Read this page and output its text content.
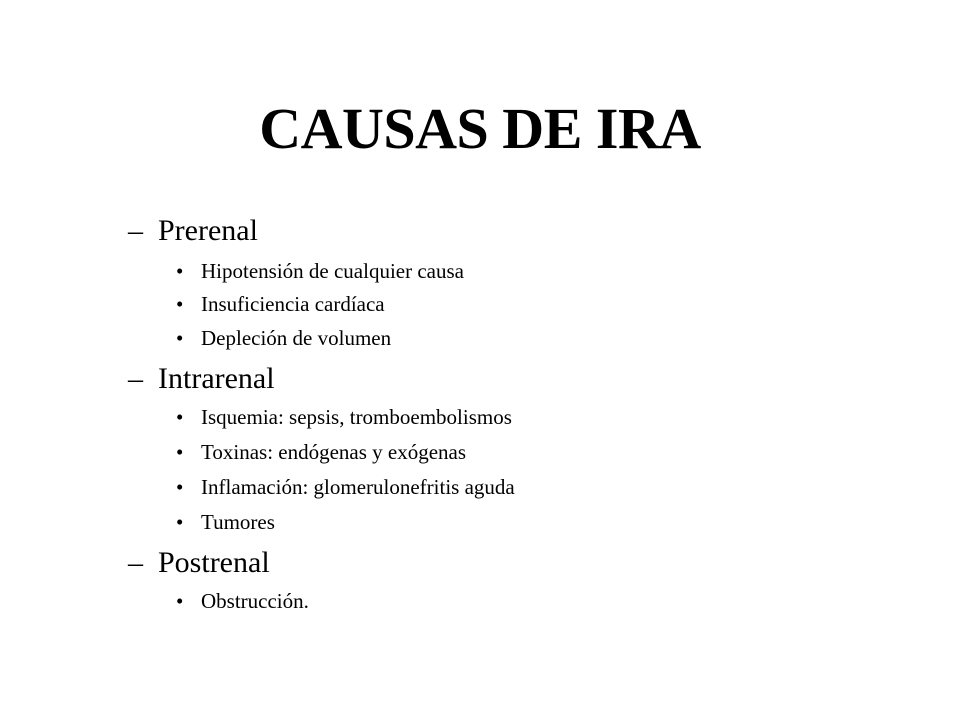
CAUSAS DE IRA
– Prerenal
• Hipotensión de cualquier causa
• Insuficiencia cardíaca
• Depleción de volumen
– Intrarenal
• Isquemia: sepsis, tromboembolismos
• Toxinas: endógenas y exógenas
• Inflamación: glomerulonefritis aguda
• Tumores
– Postrenal
• Obstrucción.
